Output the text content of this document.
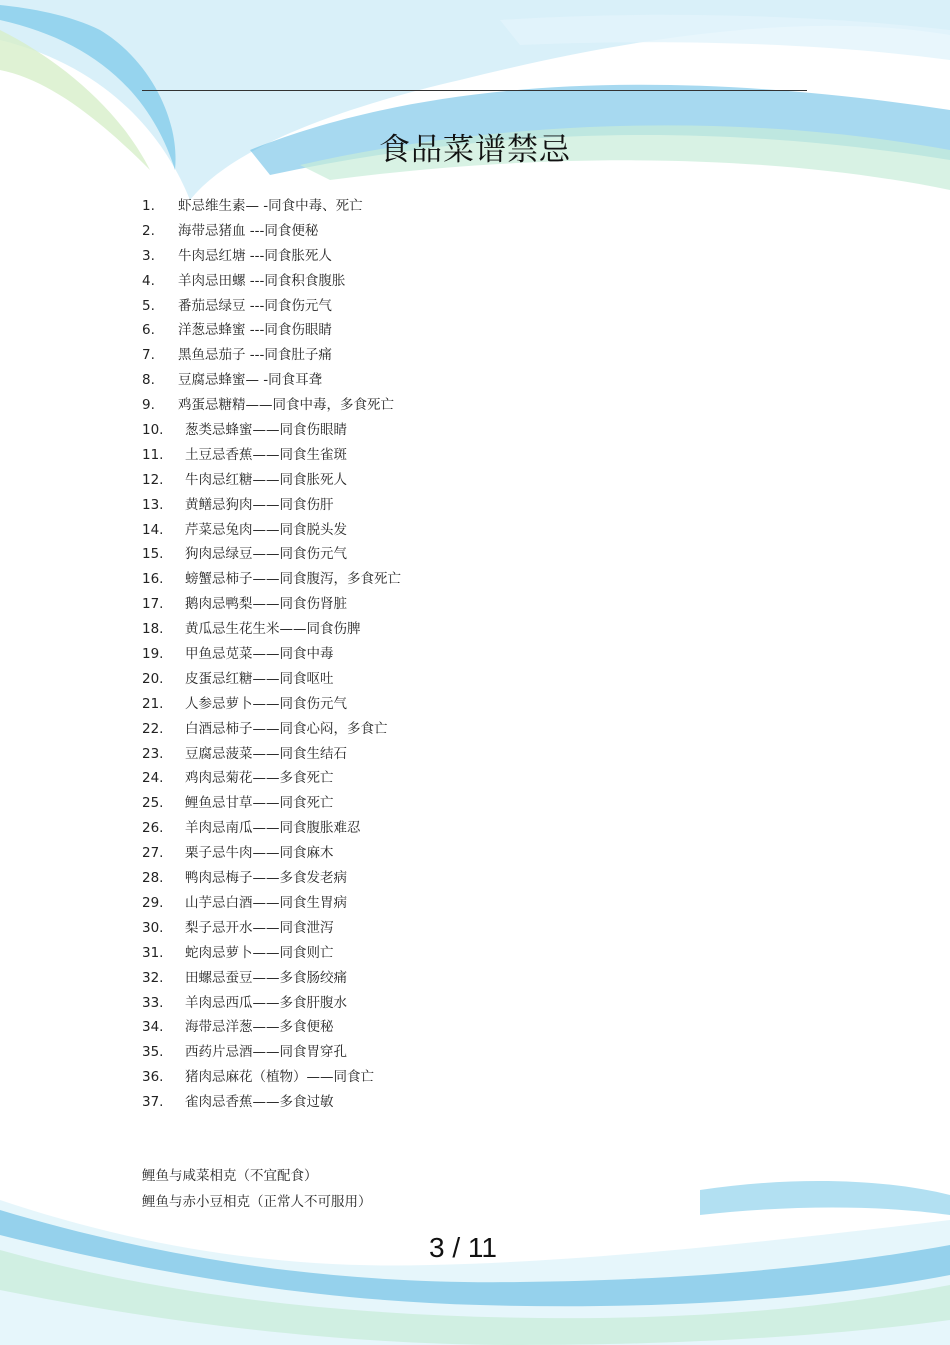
食品菜谱禁忌
1. 虾忌维生素— -同食中毒、死亡
2. 海带忌猪血 ---同食便秘
3. 牛肉忌红塘 ---同食胀死人
4. 羊肉忌田螺 ---同食积食腹胀
5. 番茄忌绿豆 ---同食伤元气
6. 洋葱忌蜂蜜 ---同食伤眼睛
7. 黑鱼忌茄子 ---同食肚子痛
8. 豆腐忌蜂蜜— -同食耳聋
9. 鸡蛋忌糖精——同食中毒，多食死亡
10. 葱类忌蜂蜜——同食伤眼睛
11. 土豆忌香蕉——同食生雀斑
12. 牛肉忌红糖——同食胀死人
13. 黄鳝忌狗肉——同食伤肝
14. 芹菜忌兔肉——同食脱头发
15. 狗肉忌绿豆——同食伤元气
16. 螃蟹忌柿子——同食腹泻，多食死亡
17. 鹅肉忌鸭梨——同食伤肾脏
18. 黄瓜忌生花生米——同食伤脾
19. 甲鱼忌苋菜——同食中毒
20. 皮蛋忌红糖——同食呕吐
21. 人参忌萝卜——同食伤元气
22. 白酒忌柿子——同食心闷，多食亡
23. 豆腐忌菠菜——同食生结石
24. 鸡肉忌菊花——多食死亡
25. 鲤鱼忌甘草——同食死亡
26. 羊肉忌南瓜——同食腹胀难忍
27. 栗子忌牛肉——同食麻木
28. 鸭肉忌梅子——多食发老病
29. 山芋忌白酒——同食生胃病
30. 梨子忌开水——同食泄泻
31. 蛇肉忌萝卜——同食则亡
32. 田螺忌蚕豆——多食肠绞痛
33. 羊肉忌西瓜——多食肝腹水
34. 海带忌洋葱——多食便秘
35. 西药片忌酒——同食胃穿孔
36. 猪肉忌麻花（植物）——同食亡
37. 雀肉忌香蕉——多食过敏
鲤鱼与咸菜相克（不宜配食）
鲤鱼与赤小豆相克（正常人不可服用）
3 / 11
